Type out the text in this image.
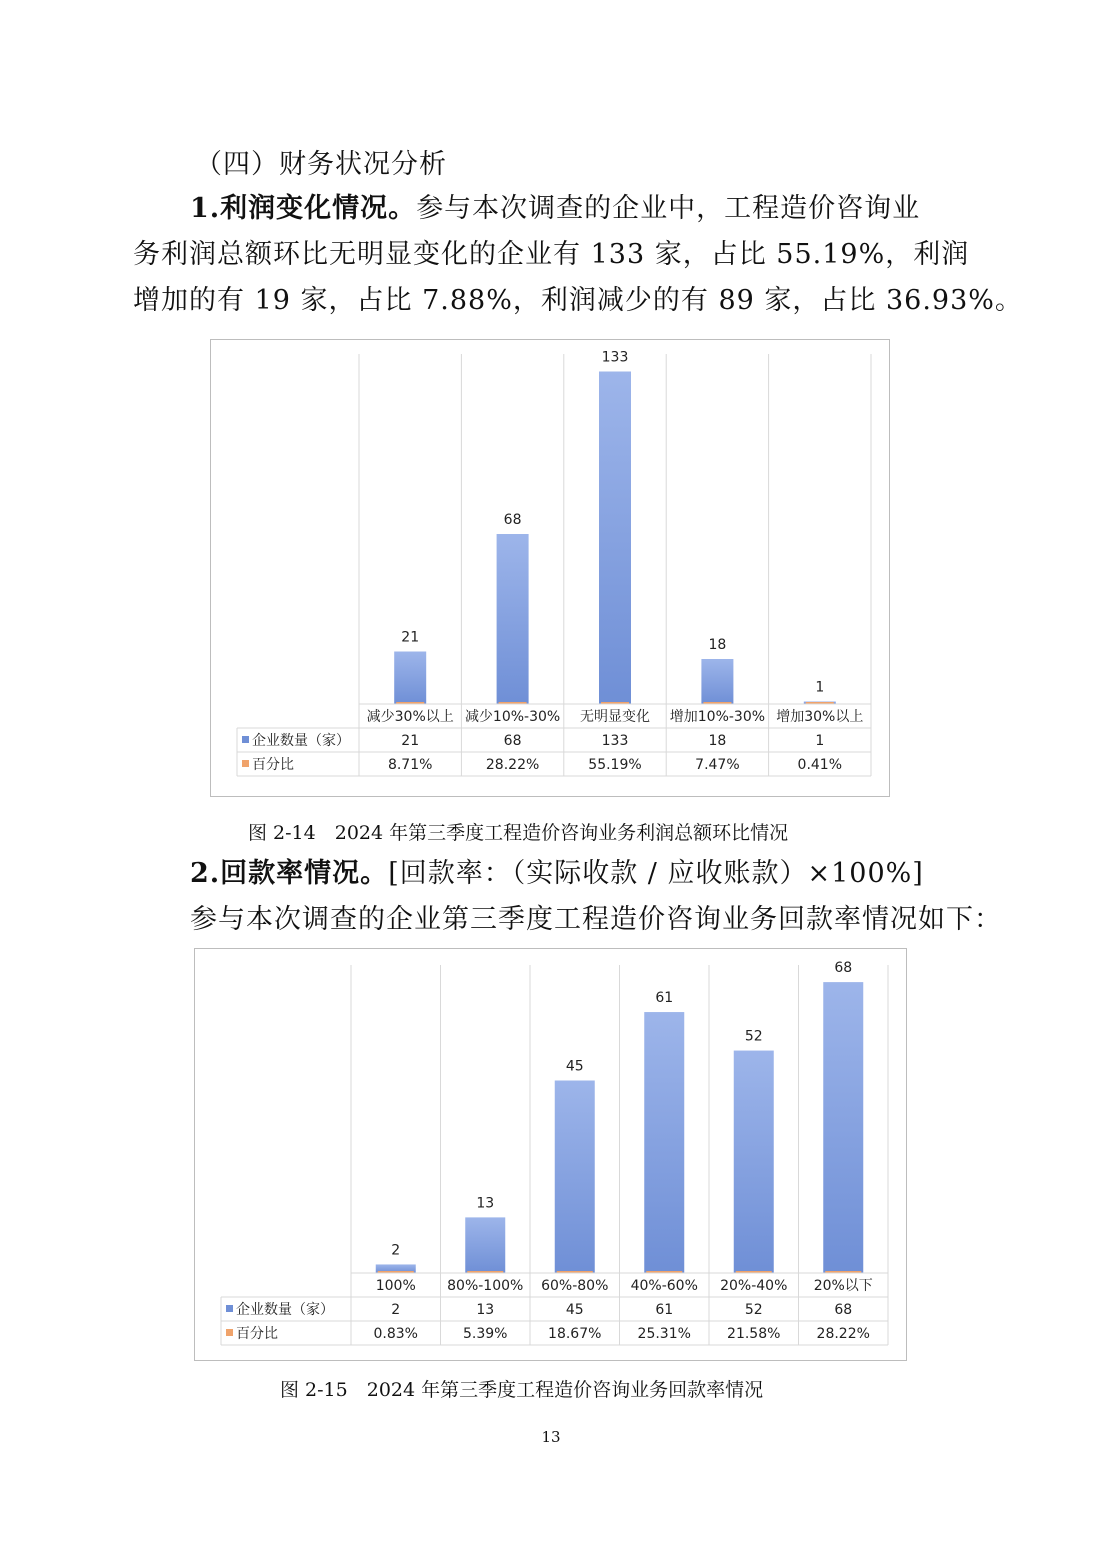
（四）财务状况分析
1.利润变化情况。参与本次调查的企业中，工程造价咨询业
务利润总额环比无明显变化的企业有 133 家，占比 55.19%，利润
增加的有 19 家，占比 7.88%，利润减少的有 89 家，占比 36.93%。
21
68
133
18
1
减少30%以上 减少10%-30% 无明显变化 增加10%-30% 增加30%以上
企业数量（家）
百分比
21
8.71%
68
28.22%
133
55.19%
18
7.47%
1
0.41%
图 2-14　2024 年第三季度工程造价咨询业务利润总额环比情况
2.回款率情况。[回款率：（实际收款 / 应收账款）×100%]
参与本次调查的企业第三季度工程造价咨询业务回款率情况如下：
2
13
45
61
52
68
100% 80%-100% 60%-80% 40%-60% 20%-40% 20%以下
企业数量（家）
百分比
2
0.83%
13
5.39%
45
18.67%
61
25.31%
52
21.58%
68
28.22%
图 2-15　2024 年第三季度工程造价咨询业务回款率情况
13
